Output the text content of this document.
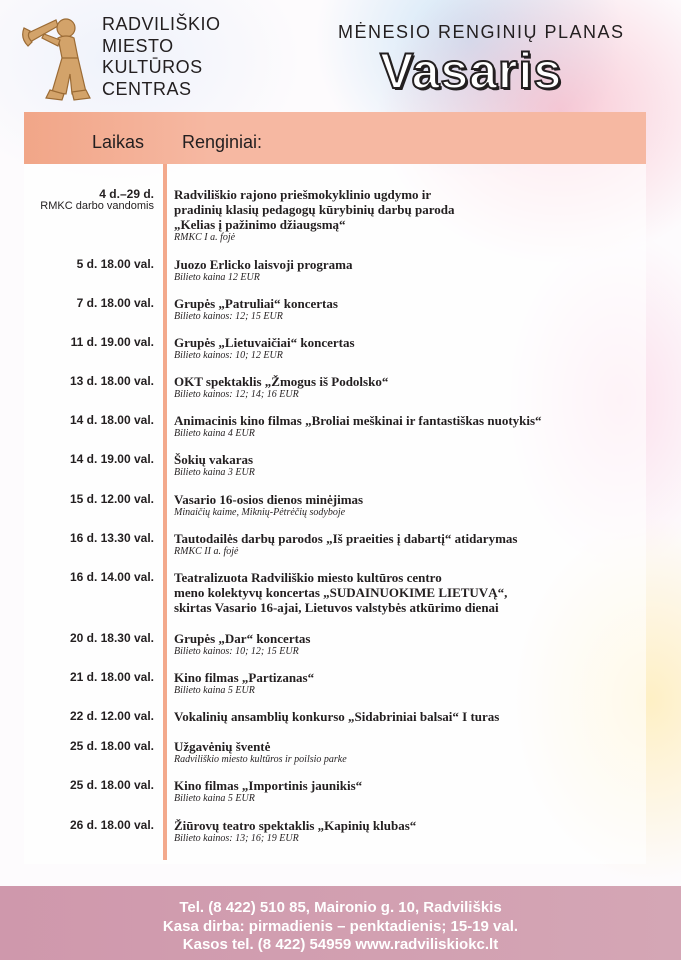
RADVILIŠKIO
MIESTO
KULTŪROS
CENTRAS
MĖNESIO RENGINIŲ PLANAS
Vasaris
Laikas Renginiai:
4 d.–29 d.
RMKC darbo vandomis
Radviliškio rajono priešmokyklinio ugdymo ir
pradinių klasių pedagogų kūrybinių darbų paroda
„Kelias į pažinimo džiaugsmą“
RMKC I a. fojė
5 d. 18.00 val. Juozo Erlicko laisvoji programa
Bilieto kaina 12 EUR
7 d. 18.00 val. Grupės „Patruliai“ koncertas
Bilieto kainos: 12; 15 EUR
11 d. 19.00 val. Grupės „Lietuvaičiai“ koncertas
Bilieto kainos: 10; 12 EUR
13 d. 18.00 val. OKT spektaklis „Žmogus iš Podolsko“
Bilieto kainos: 12; 14; 16 EUR
14 d. 18.00 val. Animacinis kino filmas „Broliai meškinai ir fantastiškas nuotykis“
Bilieto kaina 4 EUR
14 d. 19.00 val. Šokių vakaras
Bilieto kaina 3 EUR
15 d. 12.00 val. Vasario 16-osios dienos minėjimas
Minaičių kaime, Miknių-Pėtrėčių sodyboje
16 d. 13.30 val. Tautodailės darbų parodos „Iš praeities į dabartį“ atidarymas
RMKC II a. fojė
16 d. 14.00 val. Teatralizuota Radviliškio miesto kultūros centro
meno kolektyvų koncertas „SUDAINUOKIME LIETUVĄ“,
skirtas Vasario 16-ajai, Lietuvos valstybės atkūrimo dienai
20 d. 18.30 val. Grupės „Dar“ koncertas
Bilieto kainos: 10; 12; 15 EUR
21 d. 18.00 val. Kino filmas „Partizanas“
Bilieto kaina 5 EUR
22 d. 12.00 val. Vokalinių ansamblių konkurso „Sidabriniai balsai“ I turas
25 d. 18.00 val. Užgavėnių šventė
Radviliškio miesto kultūros ir poilsio parke
25 d. 18.00 val. Kino filmas „Importinis jaunikis“
Bilieto kaina 5 EUR
26 d. 18.00 val. Žiūrovų teatro spektaklis „Kapinių klubas“
Bilieto kainos: 13; 16; 19 EUR
Tel. (8 422) 510 85, Maironio g. 10, Radviliškis
Kasa dirba: pirmadienis – penktadienis; 15-19 val.
Kasos tel. (8 422) 54959 www.radviliskiokc.lt
